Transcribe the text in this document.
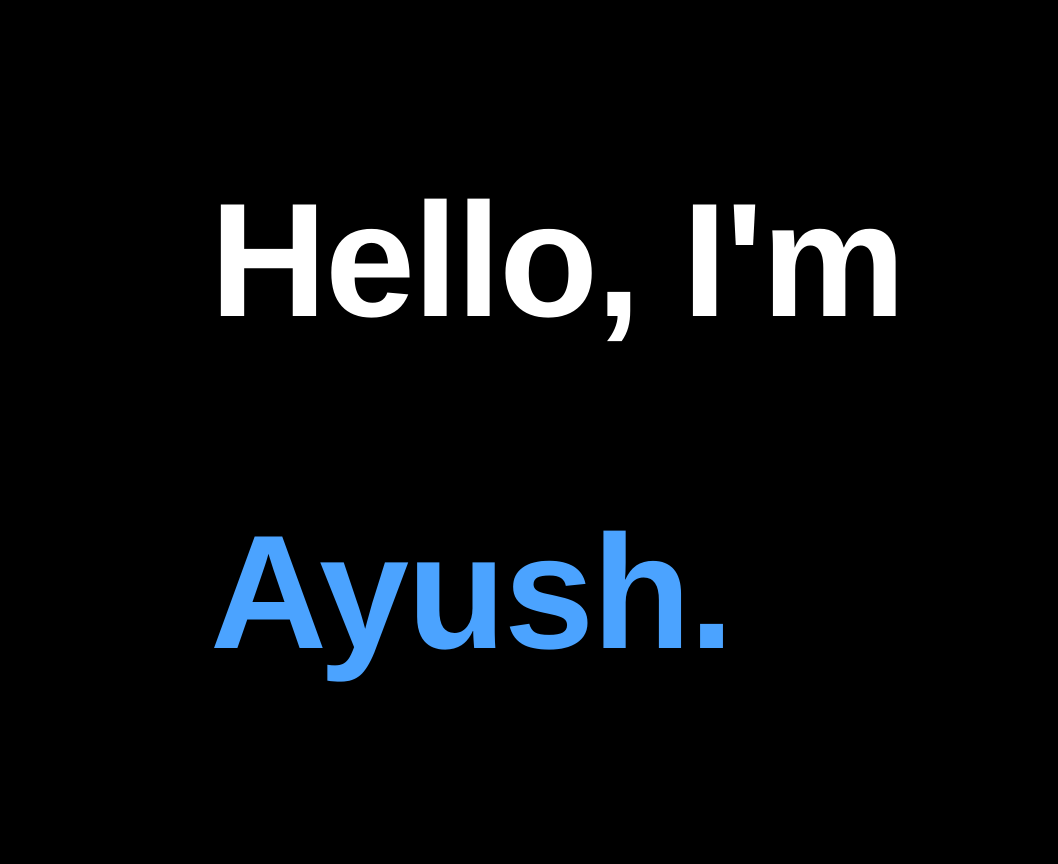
Hello, I'm
Ayush.
